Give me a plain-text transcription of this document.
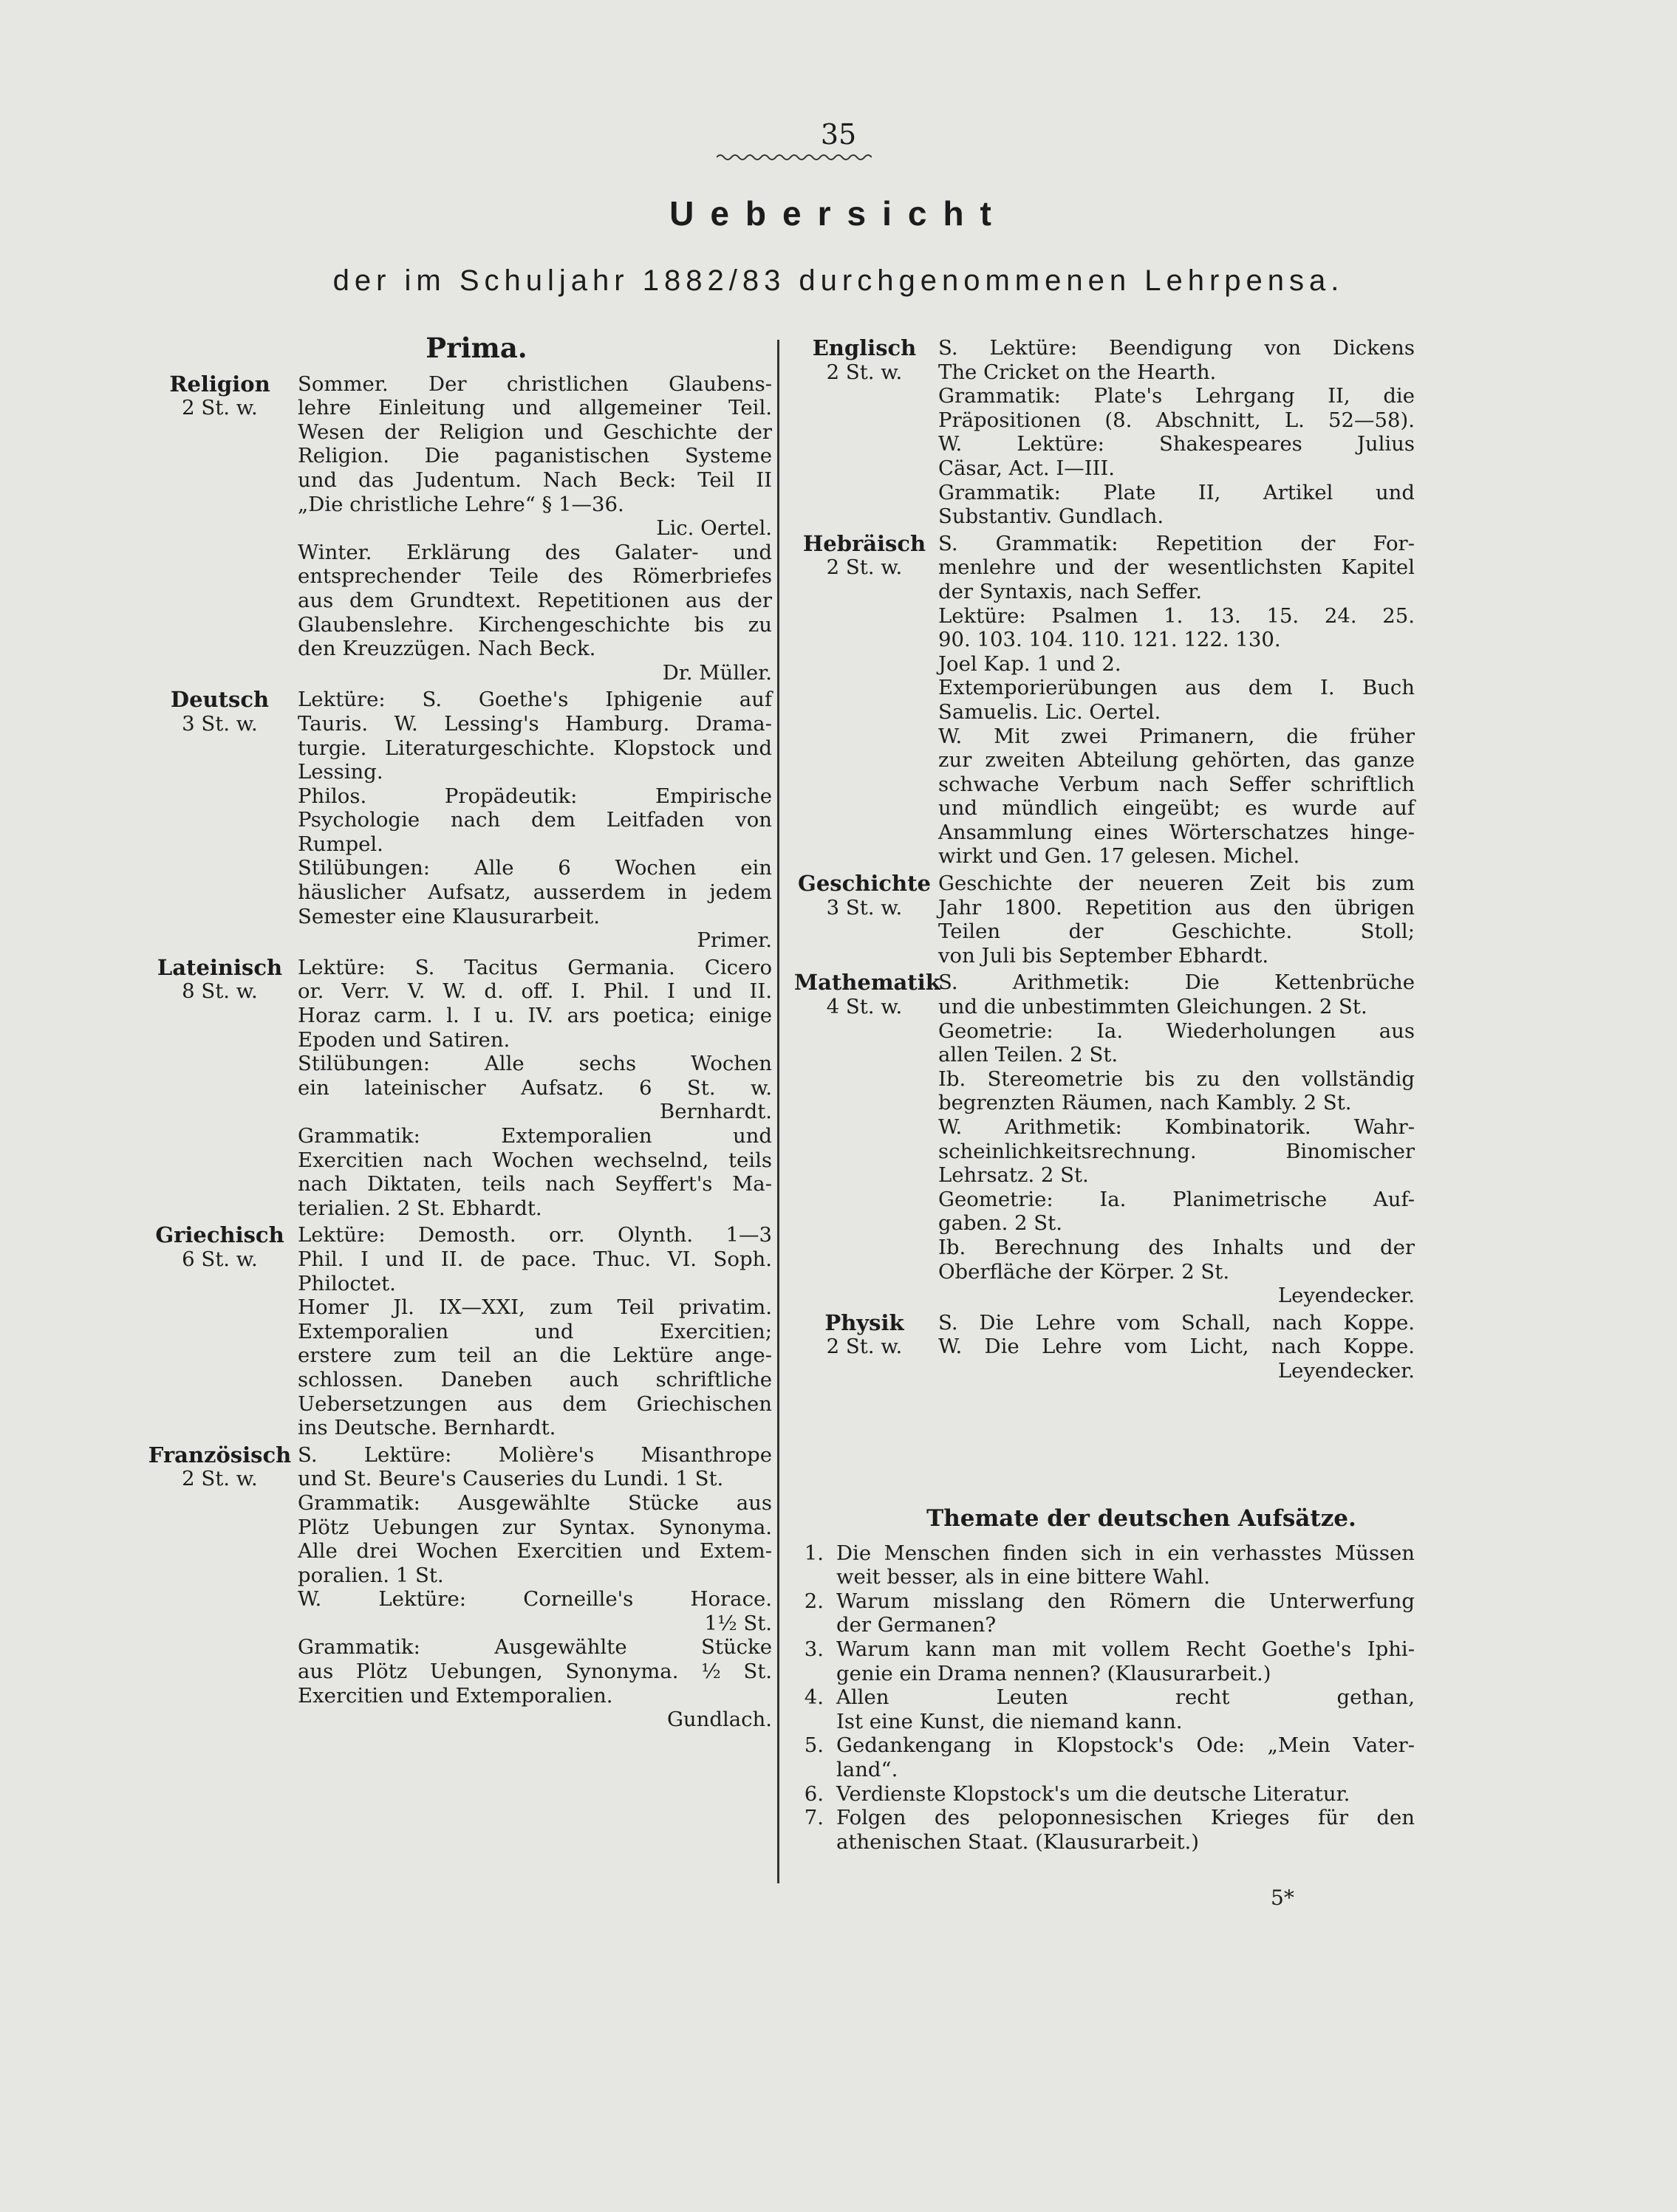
35
Uebersicht
der im Schuljahr 1882/83 durchgenommenen Lehrpensa.
Prima.
Religion
2 St. w.
Sommer. Der christlichen Glaubens-
lehre Einleitung und allgemeiner Teil.
Wesen der Religion und Geschichte der
Religion. Die paganistischen Systeme
und das Judentum. Nach Beck: Teil II
„Die christliche Lehre“ § 1—36.
Lic. Oertel.
Winter. Erklärung des Galater- und
entsprechender Teile des Römerbriefes
aus dem Grundtext. Repetitionen aus der
Glaubenslehre. Kirchengeschichte bis zu
den Kreuzzügen. Nach Beck.
Dr. Müller.
Deutsch
3 St. w.
Lektüre: S. Goethe's Iphigenie auf
Tauris. W. Lessing's Hamburg. Drama-
turgie. Literaturgeschichte. Klopstock und
Lessing.
Philos. Propädeutik: Empirische
Psychologie nach dem Leitfaden von
Rumpel.
Stilübungen: Alle 6 Wochen ein
häuslicher Aufsatz, ausserdem in jedem
Semester eine Klausurarbeit.
Primer.
Lateinisch
8 St. w.
Lektüre: S. Tacitus Germania. Cicero
or. Verr. V. W. d. off. I. Phil. I und II.
Horaz carm. l. I u. IV. ars poetica; einige
Epoden und Satiren.
Stilübungen: Alle sechs Wochen
ein lateinischer Aufsatz. 6 St. w.
Bernhardt.
Grammatik: Extemporalien und
Exercitien nach Wochen wechselnd, teils
nach Diktaten, teils nach Seyffert's Ma-
terialien. 2 St. Ebhardt.
Griechisch
6 St. w.
Lektüre: Demosth. orr. Olynth. 1—3
Phil. I und II. de pace. Thuc. VI. Soph.
Philoctet.
Homer Jl. IX—XXI, zum Teil privatim.
Extemporalien und Exercitien;
erstere zum teil an die Lektüre ange-
schlossen. Daneben auch schriftliche
Uebersetzungen aus dem Griechischen
ins Deutsche. Bernhardt.
Französisch
2 St. w.
S. Lektüre: Molière's Misanthrope
und St. Beure's Causeries du Lundi. 1 St.
Grammatik: Ausgewählte Stücke aus
Plötz Uebungen zur Syntax. Synonyma.
Alle drei Wochen Exercitien und Extem-
poralien. 1 St.
W. Lektüre: Corneille's Horace.
1½ St.
Grammatik: Ausgewählte Stücke
aus Plötz Uebungen, Synonyma. ½ St.
Exercitien und Extemporalien.
Gundlach.
Englisch
2 St. w.
S. Lektüre: Beendigung von Dickens
The Cricket on the Hearth.
Grammatik: Plate's Lehrgang II, die
Präpositionen (8. Abschnitt, L. 52—58).
W. Lektüre: Shakespeares Julius
Cäsar, Act. I—III.
Grammatik: Plate II, Artikel und
Substantiv. Gundlach.
Hebräisch
2 St. w.
S. Grammatik: Repetition der For-
menlehre und der wesentlichsten Kapitel
der Syntaxis, nach Seffer.
Lektüre: Psalmen 1. 13. 15. 24. 25.
90. 103. 104. 110. 121. 122. 130.
Joel Kap. 1 und 2.
Extemporierübungen aus dem I. Buch
Samuelis. Lic. Oertel.
W. Mit zwei Primanern, die früher
zur zweiten Abteilung gehörten, das ganze
schwache Verbum nach Seffer schriftlich
und mündlich eingeübt; es wurde auf
Ansammlung eines Wörterschatzes hinge-
wirkt und Gen. 17 gelesen. Michel.
Geschichte
3 St. w.
Geschichte der neueren Zeit bis zum
Jahr 1800. Repetition aus den übrigen
Teilen der Geschichte. Stoll;
von Juli bis September Ebhardt.
Mathematik
4 St. w.
S. Arithmetik: Die Kettenbrüche
und die unbestimmten Gleichungen. 2 St.
Geometrie: Ia. Wiederholungen aus
allen Teilen. 2 St.
Ib. Stereometrie bis zu den vollständig
begrenzten Räumen, nach Kambly. 2 St.
W. Arithmetik: Kombinatorik. Wahr-
scheinlichkeitsrechnung. Binomischer
Lehrsatz. 2 St.
Geometrie: Ia. Planimetrische Auf-
gaben. 2 St.
Ib. Berechnung des Inhalts und der
Oberfläche der Körper. 2 St.
Leyendecker.
Physik
2 St. w.
S. Die Lehre vom Schall, nach Koppe.
W. Die Lehre vom Licht, nach Koppe.
Leyendecker.
Themate der deutschen Aufsätze.
1. Die Menschen finden sich in ein verhasstes Müssen
weit besser, als in eine bittere Wahl.
2. Warum misslang den Römern die Unterwerfung
der Germanen?
3. Warum kann man mit vollem Recht Goethe's Iphi-
genie ein Drama nennen? (Klausurarbeit.)
4. Allen Leuten recht gethan,
Ist eine Kunst, die niemand kann.
5. Gedankengang in Klopstock's Ode: „Mein Vater-
land“.
6. Verdienste Klopstock's um die deutsche Literatur.
7. Folgen des peloponnesischen Krieges für den
athenischen Staat. (Klausurarbeit.)
5*
